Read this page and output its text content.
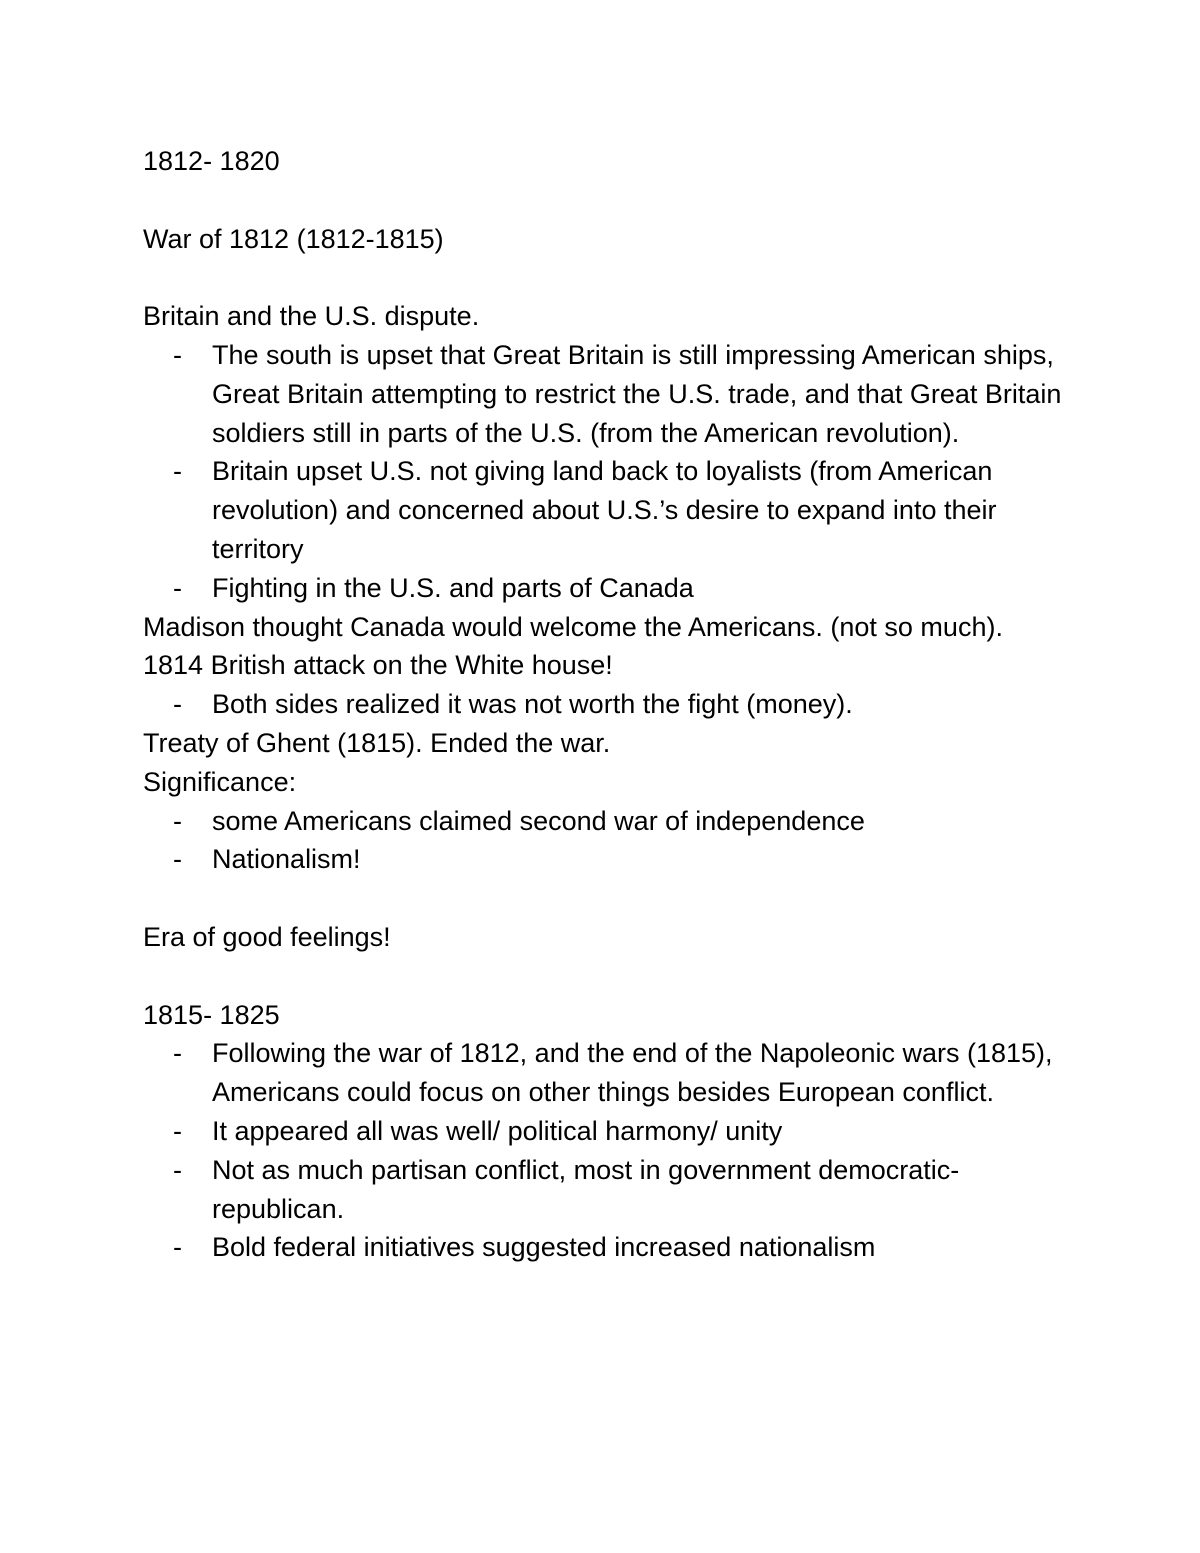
1812- 1820

War of 1812 (1812-1815)

Britain and the U.S. dispute.

- The south is upset that Great Britain is still impressing American ships, Great Britain attempting to restrict the U.S. trade, and that Great Britain soldiers still in parts of the U.S. (from the American revolution).
- Britain upset U.S. not giving land back to loyalists (from American revolution) and concerned about U.S.’s desire to expand into their territory
- Fighting in the U.S. and parts of Canada

Madison thought Canada would welcome the Americans. (not so much).

1814 British attack on the White house!

- Both sides realized it was not worth the fight (money).

Treaty of Ghent (1815). Ended the war.

Significance:

- some Americans claimed second war of independence
- Nationalism!

Era of good feelings!

1815- 1825

- Following the war of 1812, and the end of the Napoleonic wars (1815), Americans could focus on other things besides European conflict.
- It appeared all was well/ political harmony/ unity
- Not as much partisan conflict, most in government democratic-republican.
- Bold federal initiatives suggested increased nationalism
